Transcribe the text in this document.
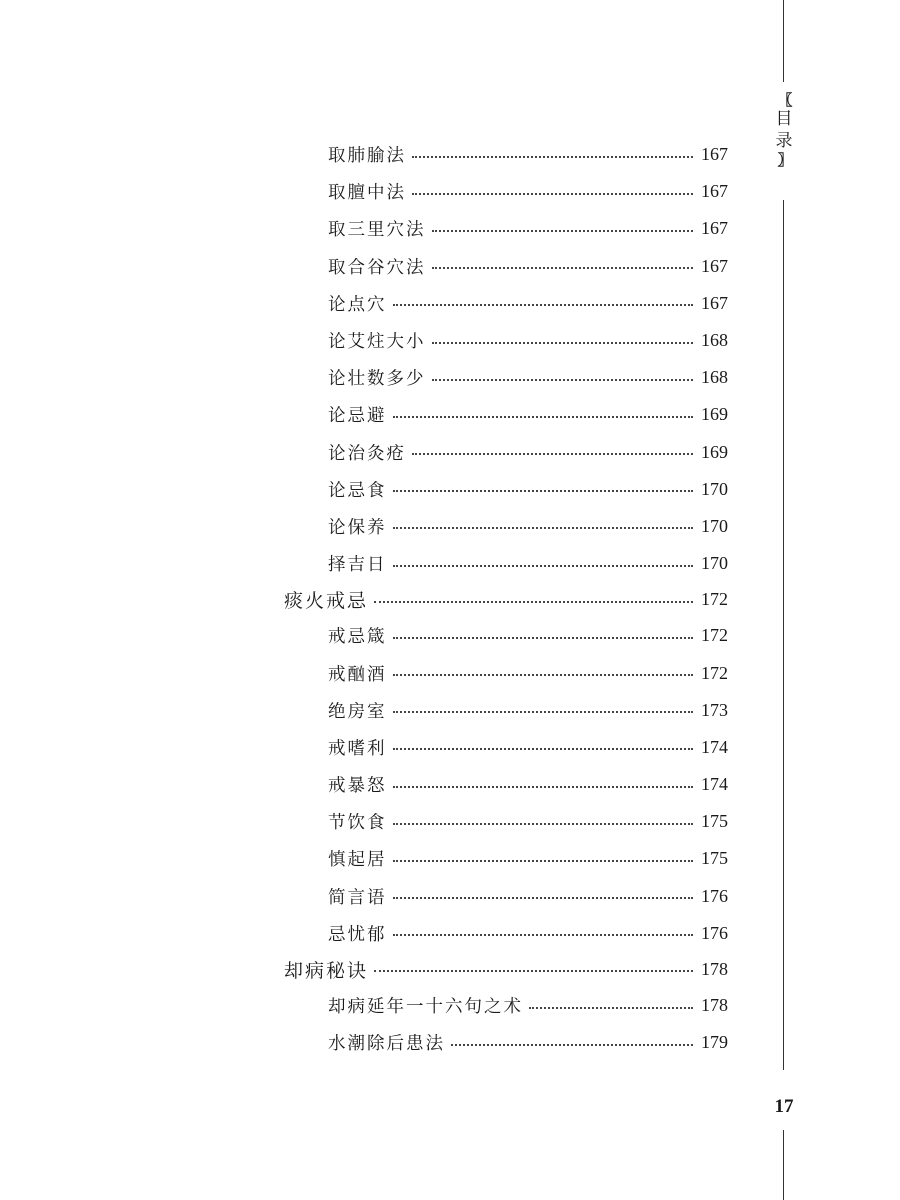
〖
目
录
〗
取肺腧法	167
取膻中法	167
取三里穴法	167
取合谷穴法	167
论点穴	167
论艾炷大小	168
论壮数多少	168
论忌避	169
论治灸疮	169
论忌食	170
论保养	170
择吉日	170
痰火戒忌	172
戒忌箴	172
戒酗酒	172
绝房室	173
戒嗜利	174
戒暴怒	174
节饮食	175
慎起居	175
简言语	176
忌忧郁	176
却病秘诀	178
却病延年一十六句之术	178
水潮除后患法	179
17
